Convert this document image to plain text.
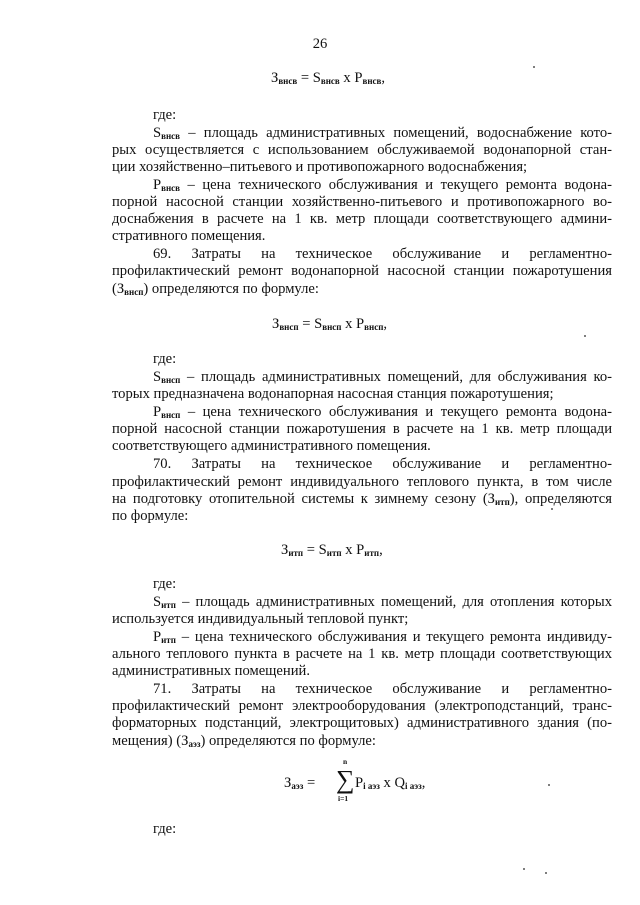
26

$З_{внсв} = S_{внсв}$ x $P_{внсв}$,

где:

$S_{внсв}$ – площадь административных помещений, водоснабжение кото-

рых осуществляется с использованием обслуживаемой водонапорной стан-

ции хозяйственно–питьевого и противопожарного водоснабжения;

$P_{внсв}$ – цена технического обслуживания и текущего ремонта водона-

порной насосной станции хозяйственно-питьевого и противопожарного во-

доснабжения в расчете на 1 кв. метр площади соответствующего админи-

стративного помещения.

69. Затраты на техническое обслуживание и регламентно-

профилактический ремонт водонапорной насосной станции пожаротушения

$(З_{внсп})$ определяются по формуле:

$З_{внсп} = S_{внсп}$ x $P_{внсп}$,

где:

$S_{внсп}$ – площадь административных помещений, для обслуживания ко-

торых предназначена водонапорная насосная станция пожаротушения;

$P_{внсп}$ – цена технического обслуживания и текущего ремонта водона-

порной насосной станции пожаротушения в расчете на 1 кв. метр площади

соответствующего административного помещения.

70. Затраты на техническое обслуживание и регламентно-

профилактический ремонт индивидуального теплового пункта, в том числе

на подготовку отопительной системы к зимнему сезону $(З_{итп})$, определяются

по формуле:

$З_{итп} = S_{итп}$ x $P_{итп}$,

где:

$S_{итп}$ – площадь административных помещений, для отопления которых

используется индивидуальный тепловой пункт;

$P_{итп}$ – цена технического обслуживания и текущего ремонта индивиду-

ального теплового пункта в расчете на 1 кв. метр площади соответствующих

административных помещений.

71. Затраты на техническое обслуживание и регламентно-

профилактический ремонт электрооборудования (электроподстанций, транс-

форматорных подстанций, электрощитовых) административного здания (по-

мещения) $(З_{аэз})$ определяются по формуле:

$З_{аэз}$ =

n
∑
i=1

$P_{i аэз}$ x $Q_{i аэз}$,

где:
